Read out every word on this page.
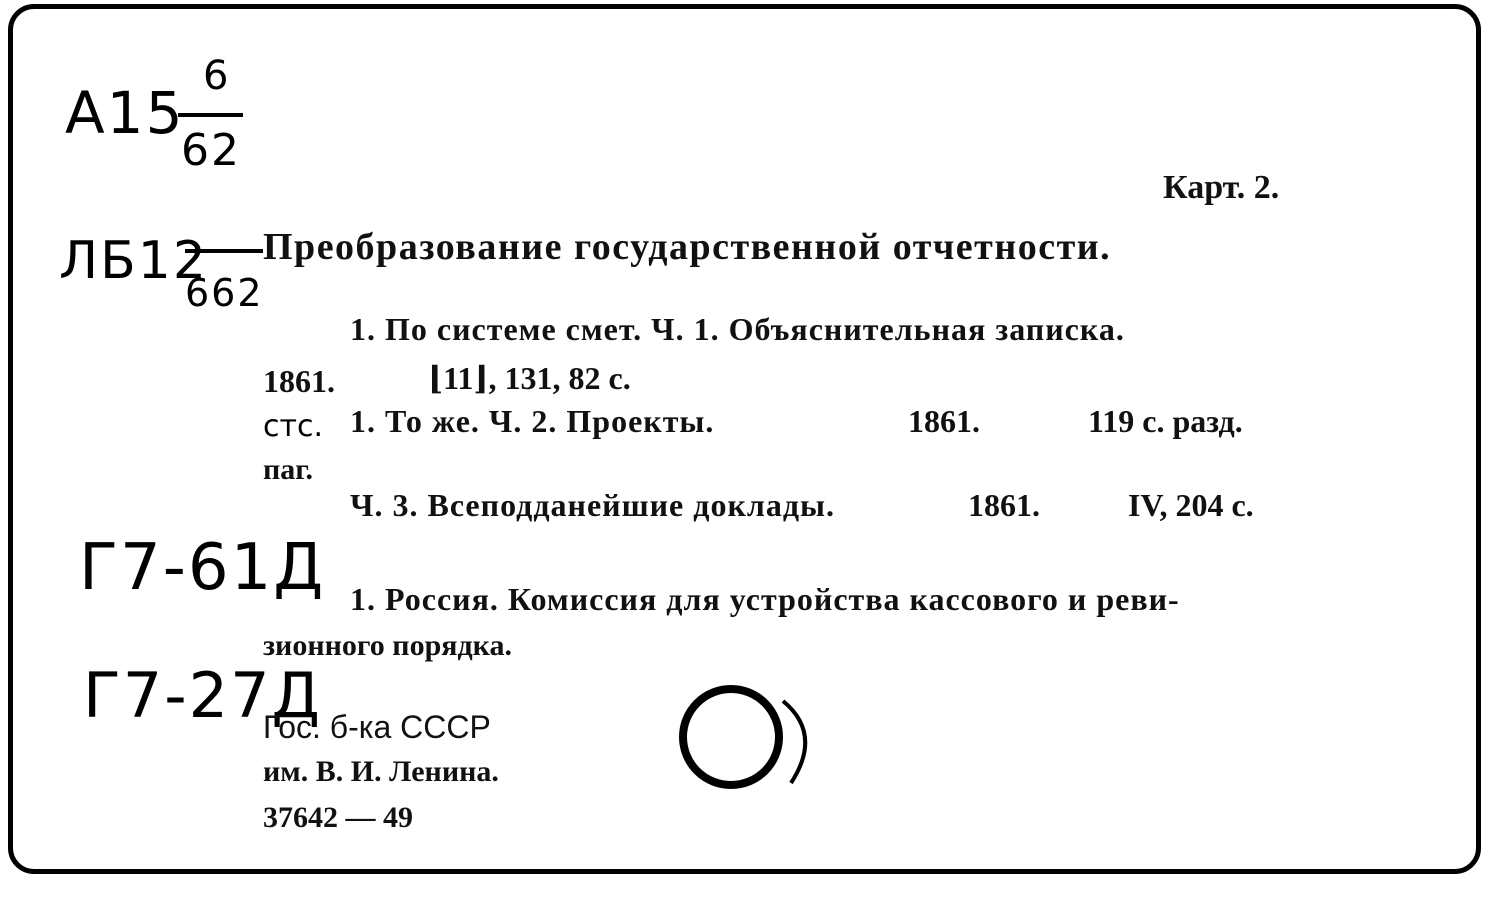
A15
6
62
ЛБ12
662
Карт. 2.
Преобразование государственной отчетности.
1. По системе смет. Ч. 1. Объяснительная записка.
1861.	⌊11⌋, 131, 82 с.
стс. 1. То же. Ч. 2. Проекты.	1861.	119 с. разд.
паг.
Ч. 3. Всеподданейшие доклады.	1861.	IV, 204 с.
Г7-61Д 1. Россия. Комиссия для устройства кассового и реви-
зионного порядка.
Г7-27Д
Гос. б-ка СССР
им. В. И. Ленина.
37642 — 49
